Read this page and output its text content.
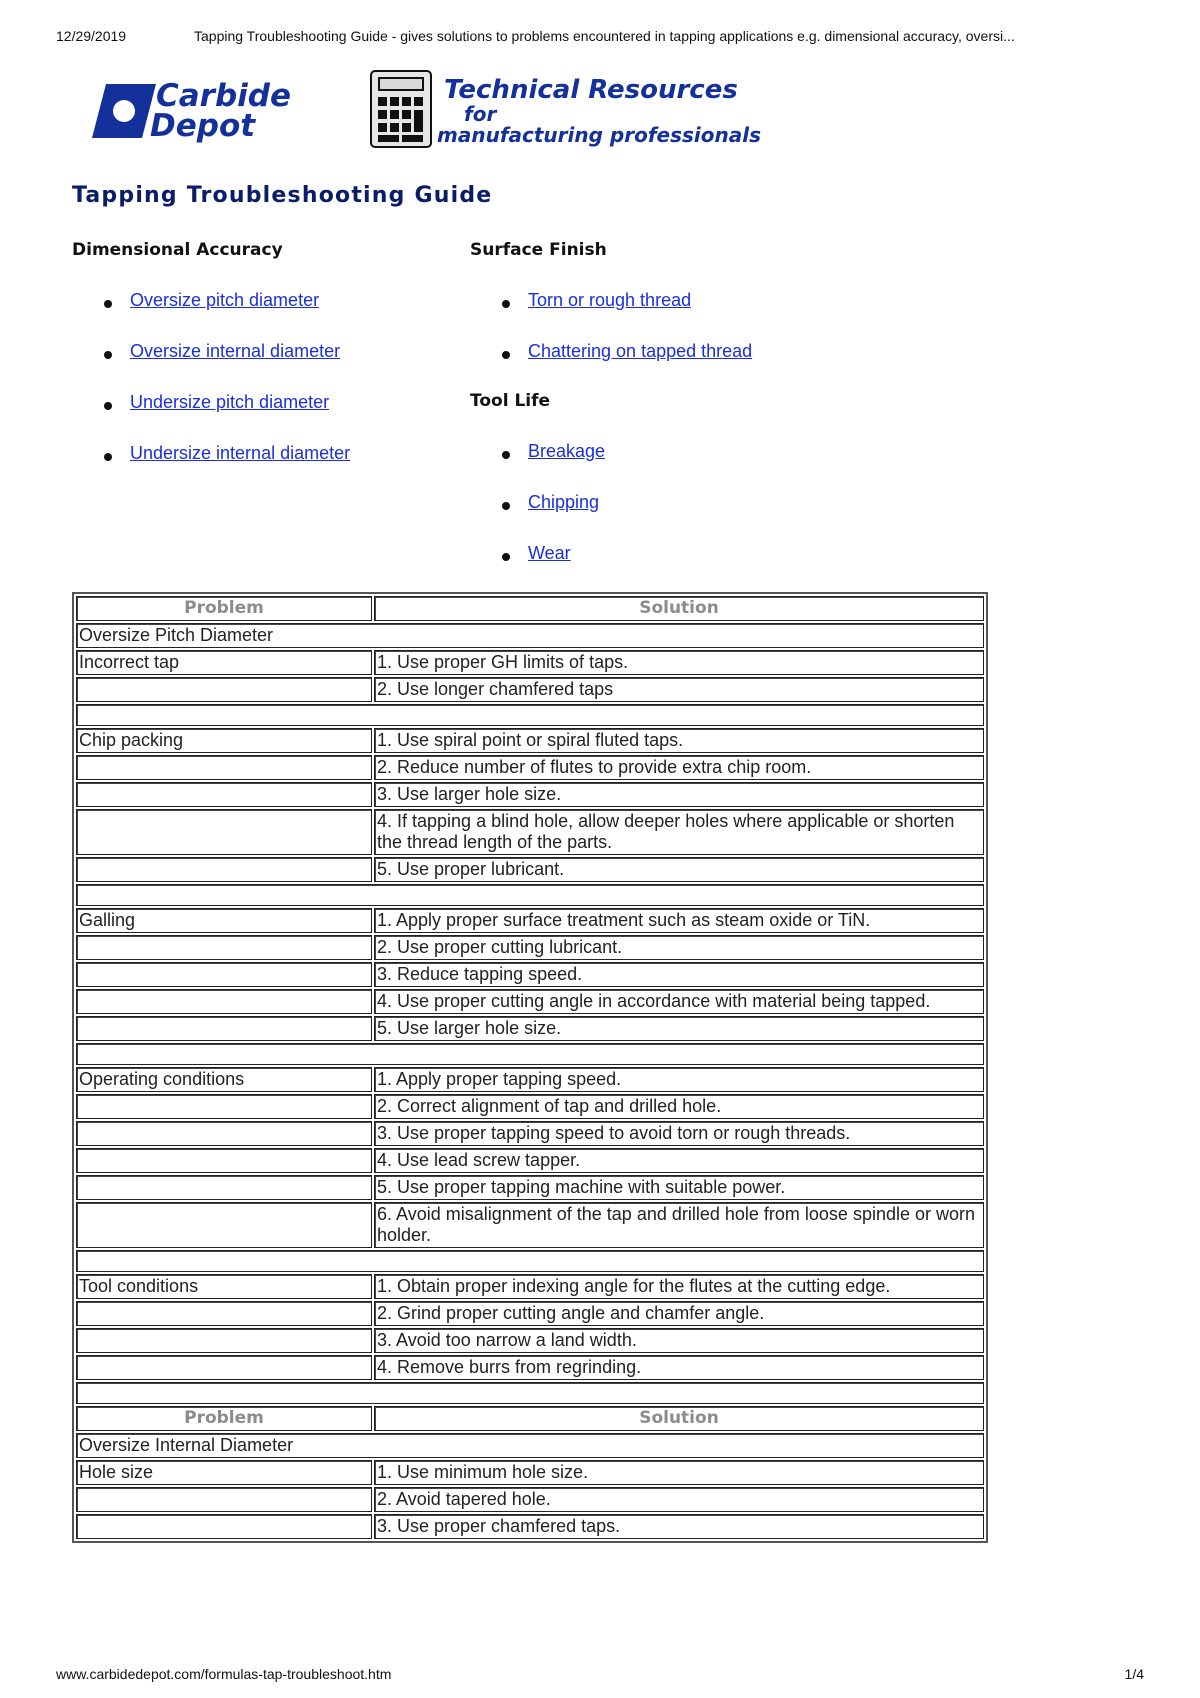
12/29/2019	Tapping Troubleshooting Guide - gives solutions to problems encountered in tapping applications e.g. dimensional accuracy, oversi...
Carbide
Depot
Technical Resources
for
manufacturing professionals
Tapping Troubleshooting Guide
Dimensional Accuracy
Oversize pitch diameter
Oversize internal diameter
Undersize pitch diameter
Undersize internal diameter
Surface Finish
Torn or rough thread
Chattering on tapped thread
Tool Life
Breakage
Chipping
Wear
Problem	Solution
Oversize Pitch Diameter	
Incorrect tap	1. Use proper GH limits of taps.
	2. Use longer chamfered taps

Chip packing	1. Use spiral point or spiral fluted taps.
	2. Reduce number of flutes to provide extra chip room.
	3. Use larger hole size.
	4. If tapping a blind hole, allow deeper holes where applicable or shorten the thread length of the parts.
	5. Use proper lubricant.

Galling	1. Apply proper surface treatment such as steam oxide or TiN.
	2. Use proper cutting lubricant.
	3. Reduce tapping speed.
	4. Use proper cutting angle in accordance with material being tapped.
	5. Use larger hole size.

Operating conditions	1. Apply proper tapping speed.
	2. Correct alignment of tap and drilled hole.
	3. Use proper tapping speed to avoid torn or rough threads.
	4. Use lead screw tapper.
	5. Use proper tapping machine with suitable power.
	6. Avoid misalignment of the tap and drilled hole from loose spindle or worn holder.

Tool conditions	1. Obtain proper indexing angle for the flutes at the cutting edge.
	2. Grind proper cutting angle and chamfer angle.
	3. Avoid too narrow a land width.
	4. Remove burrs from regrinding.

Problem	Solution
Oversize Internal Diameter	
Hole size	1. Use minimum hole size.
	2. Avoid tapered hole.
	3. Use proper chamfered taps.
www.carbidedepot.com/formulas-tap-troubleshoot.htm	1/4
